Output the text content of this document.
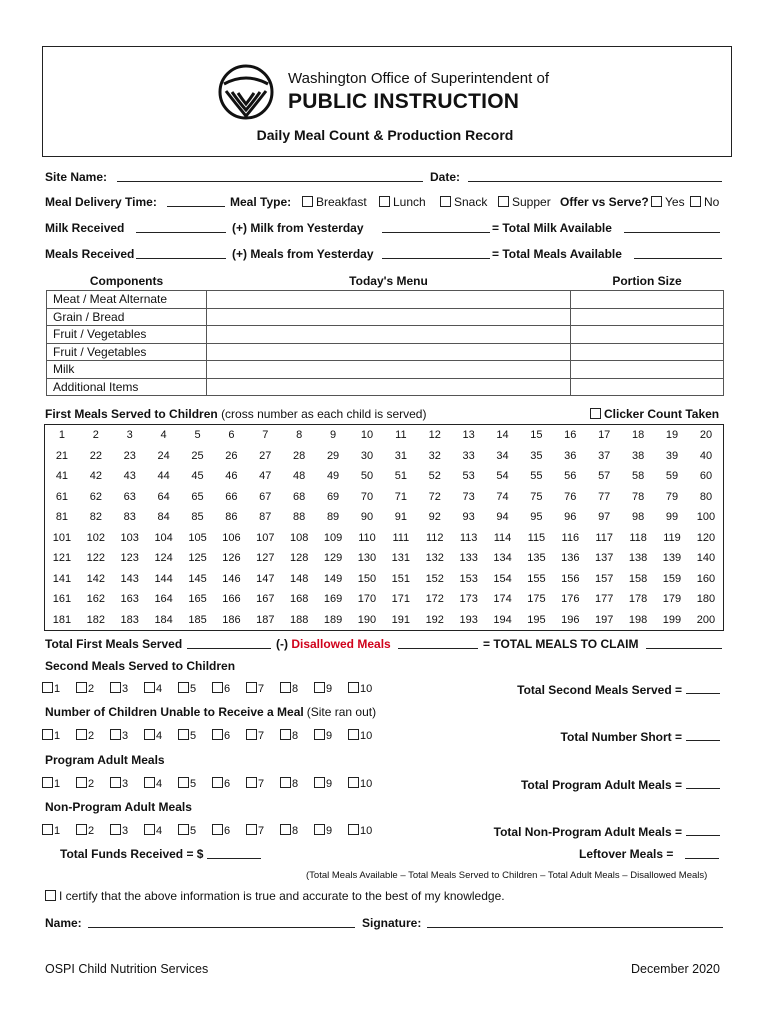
Washington Office of Superintendent of
PUBLIC INSTRUCTION
Daily Meal Count & Production Record
Site Name:	Date:
Meal Delivery Time:	Meal Type:	Breakfast	Lunch	Snack	Supper Offer vs Serve?	Yes	No
Milk Received	(+) Milk from Yesterday	= Total Milk Available
Meals Received	(+) Meals from Yesterday	= Total Meals Available
Components	Today's Menu	Portion Size
Meat / Meat Alternate		
Grain / Bread		
Fruit / Vegetables		
Fruit / Vegetables		
Milk		
Additional Items		
First Meals Served to Children (cross number as each child is served)	Clicker Count Taken
1	2	3	4	5	6	7	8	9	10	11	12	13	14	15	16	17	18	19	20
21	22	23	24	25	26	27	28	29	30	31	32	33	34	35	36	37	38	39	40
41	42	43	44	45	46	47	48	49	50	51	52	53	54	55	56	57	58	59	60
61	62	63	64	65	66	67	68	69	70	71	72	73	74	75	76	77	78	79	80
81	82	83	84	85	86	87	88	89	90	91	92	93	94	95	96	97	98	99	100
101	102	103	104	105	106	107	108	109	110	111	112	113	114	115	116	117	118	119	120
121	122	123	124	125	126	127	128	129	130	131	132	133	134	135	136	137	138	139	140
141	142	143	144	145	146	147	148	149	150	151	152	153	154	155	156	157	158	159	160
161	162	163	164	165	166	167	168	169	170	171	172	173	174	175	176	177	178	179	180
181	182	183	184	185	186	187	188	189	190	191	192	193	194	195	196	197	198	199	200
Total First Meals Served	(-) Disallowed Meals	= TOTAL MEALS TO CLAIM
Second Meals Served to Children
1	2	3	4	5	6	7	8	9	10	Total Second Meals Served =
Number of Children Unable to Receive a Meal (Site ran out)
1	2	3	4	5	6	7	8	9	10	Total Number Short =
Program Adult Meals
1	2	3	4	5	6	7	8	9	10	Total Program Adult Meals =
Non-Program Adult Meals
1	2	3	4	5	6	7	8	9	10	Total Non-Program Adult Meals =
Total Funds Received = $	Leftover Meals =
(Total Meals Available – Total Meals Served to Children – Total Adult Meals – Disallowed Meals)
I certify that the above information is true and accurate to the best of my knowledge.
Name:	Signature:
OSPI Child Nutrition Services	December 2020
